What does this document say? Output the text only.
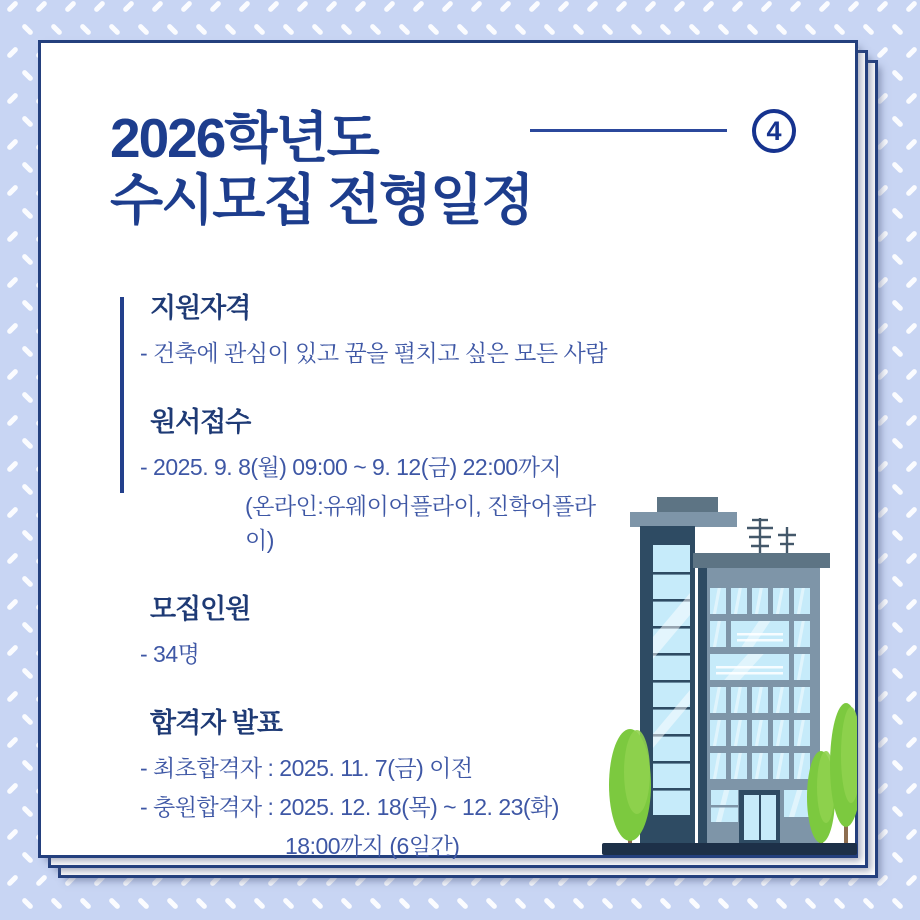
2026학년도
수시모집 전형일정
4
지원자격

- 건축에 관심이 있고 꿈을 펼치고 싶은 모든 사람

원서접수

- 2025. 9. 8(월) 09:00 ~ 9. 12(금) 22:00까지

(온라인:유웨이어플라이, 진학어플라이)

모집인원

- 34명

합격자 발표

- 최초합격자 : 2025. 11. 7(금) 이전

- 충원합격자 : 2025. 12. 18(목) ~ 12. 23(화)

18:00까지 (6일간)
